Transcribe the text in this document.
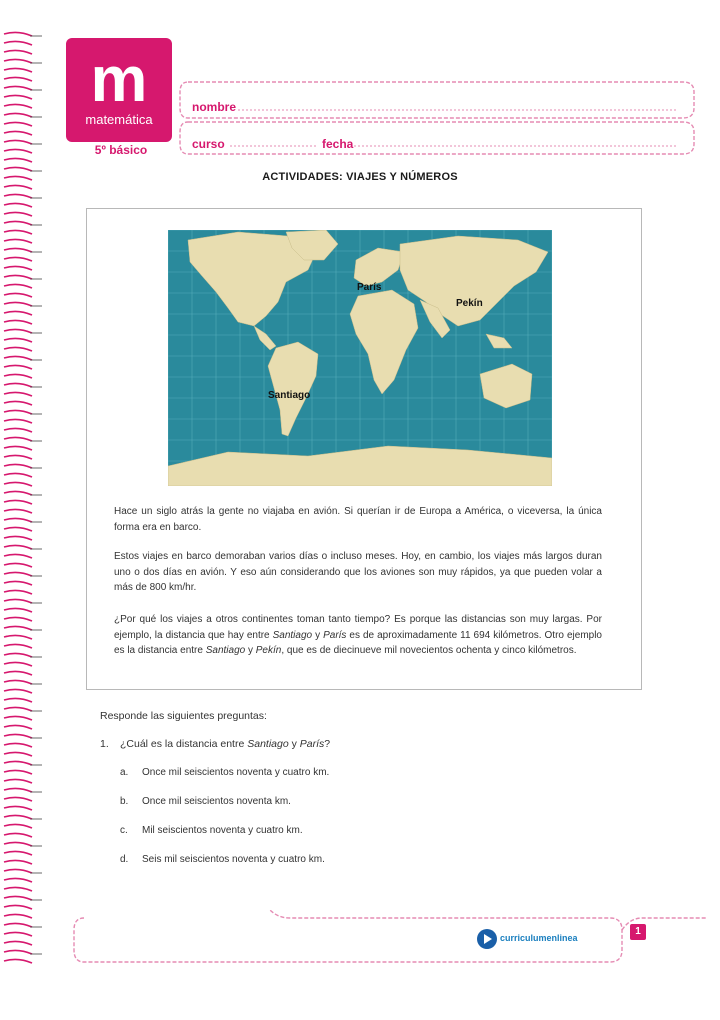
m
matemática
5º básico
nombre
curso	fecha
ACTIVIDADES: VIAJES Y NÚMEROS
París
Pekín
Santiago
Hace un siglo atrás la gente no viajaba en avión. Si querían ir de Europa a América, o viceversa, la única forma era en barco.
Estos viajes en barco demoraban varios días o incluso meses. Hoy, en cambio, los viajes más largos duran uno o dos días en avión. Y eso aún considerando que los aviones son muy rápidos, ya que pueden volar a más de 800 km/hr.
¿Por qué los viajes a otros continentes toman tanto tiempo? Es porque las distancias son muy largas. Por ejemplo, la distancia que hay entre Santiago y París es de aproximadamente 11 694 kilómetros. Otro ejemplo es la distancia entre Santiago y Pekín, que es de diecinueve mil novecientos ochenta y cinco kilómetros.
Responde las siguientes preguntas:
1. ¿Cuál es la distancia entre Santiago y París?
a. Once mil seiscientos noventa y cuatro km.
b. Once mil seiscientos noventa km.
c. Mil seiscientos noventa y cuatro km.
d. Seis mil seiscientos noventa y cuatro km.
curriculumenlinea
1
